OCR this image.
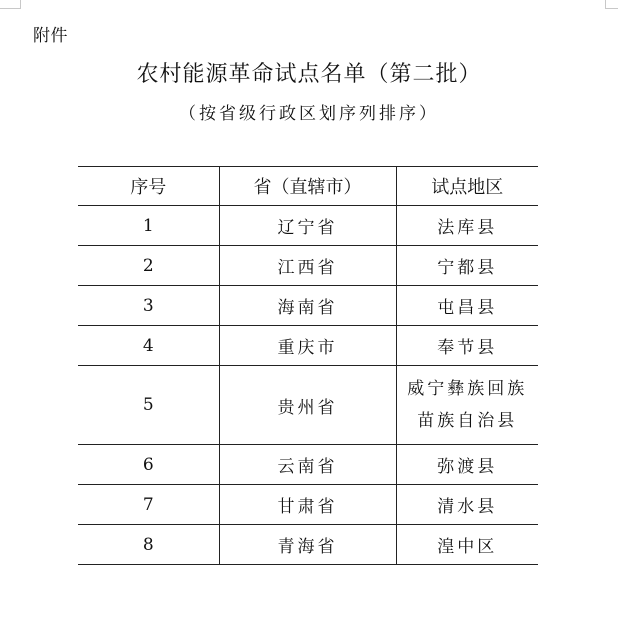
附件
农村能源革命试点名单（第二批）
（按省级行政区划序列排序）
序号	省（直辖市）	试点地区
1	辽宁省	法库县
2	江西省	宁都县
3	海南省	屯昌县
4	重庆市	奉节县
5	贵州省	威宁彝族回族
苗族自治县

6	云南省	弥渡县
7	甘肃省	清水县
8	青海省	湟中区
